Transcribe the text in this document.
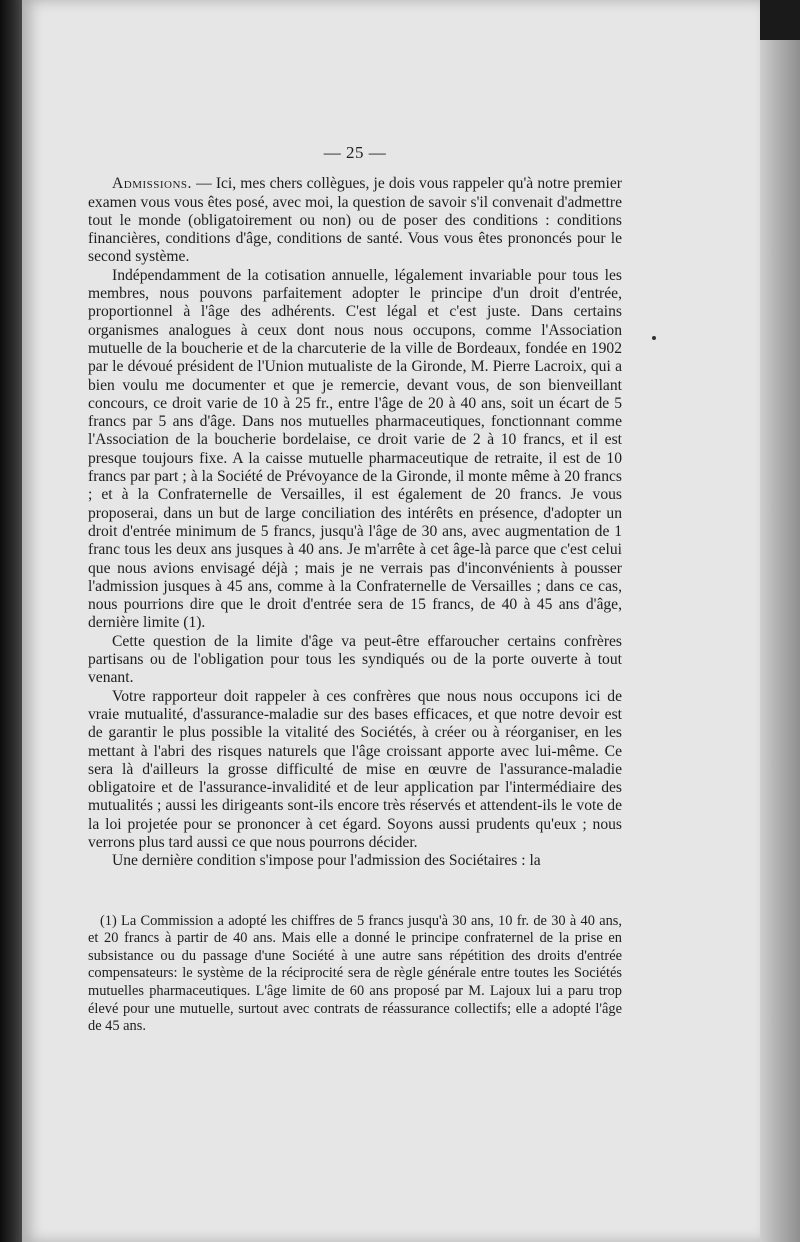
— 25 —

Admissions. — Ici, mes chers collègues, je dois vous rappeler qu'à notre premier examen vous vous êtes posé, avec moi, la question de savoir s'il convenait d'admettre tout le monde (obligatoirement ou non) ou de poser des conditions : conditions financières, conditions d'âge, conditions de santé. Vous vous êtes prononcés pour le second système.

Indépendamment de la cotisation annuelle, légalement invariable pour tous les membres, nous pouvons parfaitement adopter le principe d'un droit d'entrée, proportionnel à l'âge des adhérents. C'est légal et c'est juste. Dans certains organismes analogues à ceux dont nous nous occupons, comme l'Association mutuelle de la boucherie et de la charcuterie de la ville de Bordeaux, fondée en 1902 par le dévoué président de l'Union mutualiste de la Gironde, M. Pierre Lacroix, qui a bien voulu me documenter et que je remercie, devant vous, de son bienveillant concours, ce droit varie de 10 à 25 fr., entre l'âge de 20 à 40 ans, soit un écart de 5 francs par 5 ans d'âge. Dans nos mutuelles pharmaceutiques, fonctionnant comme l'Association de la boucherie bordelaise, ce droit varie de 2 à 10 francs, et il est presque toujours fixe. A la caisse mutuelle pharmaceutique de retraite, il est de 10 francs par part ; à la Société de Prévoyance de la Gironde, il monte même à 20 francs ; et à la Confraternelle de Versailles, il est également de 20 francs. Je vous proposerai, dans un but de large conciliation des intérêts en présence, d'adopter un droit d'entrée minimum de 5 francs, jusqu'à l'âge de 30 ans, avec augmentation de 1 franc tous les deux ans jusques à 40 ans. Je m'arrête à cet âge-là parce que c'est celui que nous avions envisagé déjà ; mais je ne verrais pas d'inconvénients à pousser l'admission jusques à 45 ans, comme à la Confraternelle de Versailles ; dans ce cas, nous pourrions dire que le droit d'entrée sera de 15 francs, de 40 à 45 ans d'âge, dernière limite (1).

Cette question de la limite d'âge va peut-être effaroucher certains confrères partisans ou de l'obligation pour tous les syndiqués ou de la porte ouverte à tout venant.

Votre rapporteur doit rappeler à ces confrères que nous nous occupons ici de vraie mutualité, d'assurance-maladie sur des bases efficaces, et que notre devoir est de garantir le plus possible la vitalité des Sociétés, à créer ou à réorganiser, en les mettant à l'abri des risques naturels que l'âge croissant apporte avec lui-même. Ce sera là d'ailleurs la grosse difficulté de mise en œuvre de l'assurance-maladie obligatoire et de l'assurance-invalidité et de leur application par l'intermédiaire des mutualités ; aussi les dirigeants sont-ils encore très réservés et attendent-ils le vote de la loi projetée pour se prononcer à cet égard. Soyons aussi prudents qu'eux ; nous verrons plus tard aussi ce que nous pourrons décider.

Une dernière condition s'impose pour l'admission des Sociétaires : la

(1) La Commission a adopté les chiffres de 5 francs jusqu'à 30 ans, 10 fr. de 30 à 40 ans, et 20 francs à partir de 40 ans. Mais elle a donné le principe confraternel de la prise en subsistance ou du passage d'une Société à une autre sans répétition des droits d'entrée compensateurs: le système de la réciprocité sera de règle générale entre toutes les Sociétés mutuelles pharmaceutiques. L'âge limite de 60 ans proposé par M. Lajoux lui a paru trop élevé pour une mutuelle, surtout avec contrats de réassurance collectifs; elle a adopté l'âge de 45 ans.
